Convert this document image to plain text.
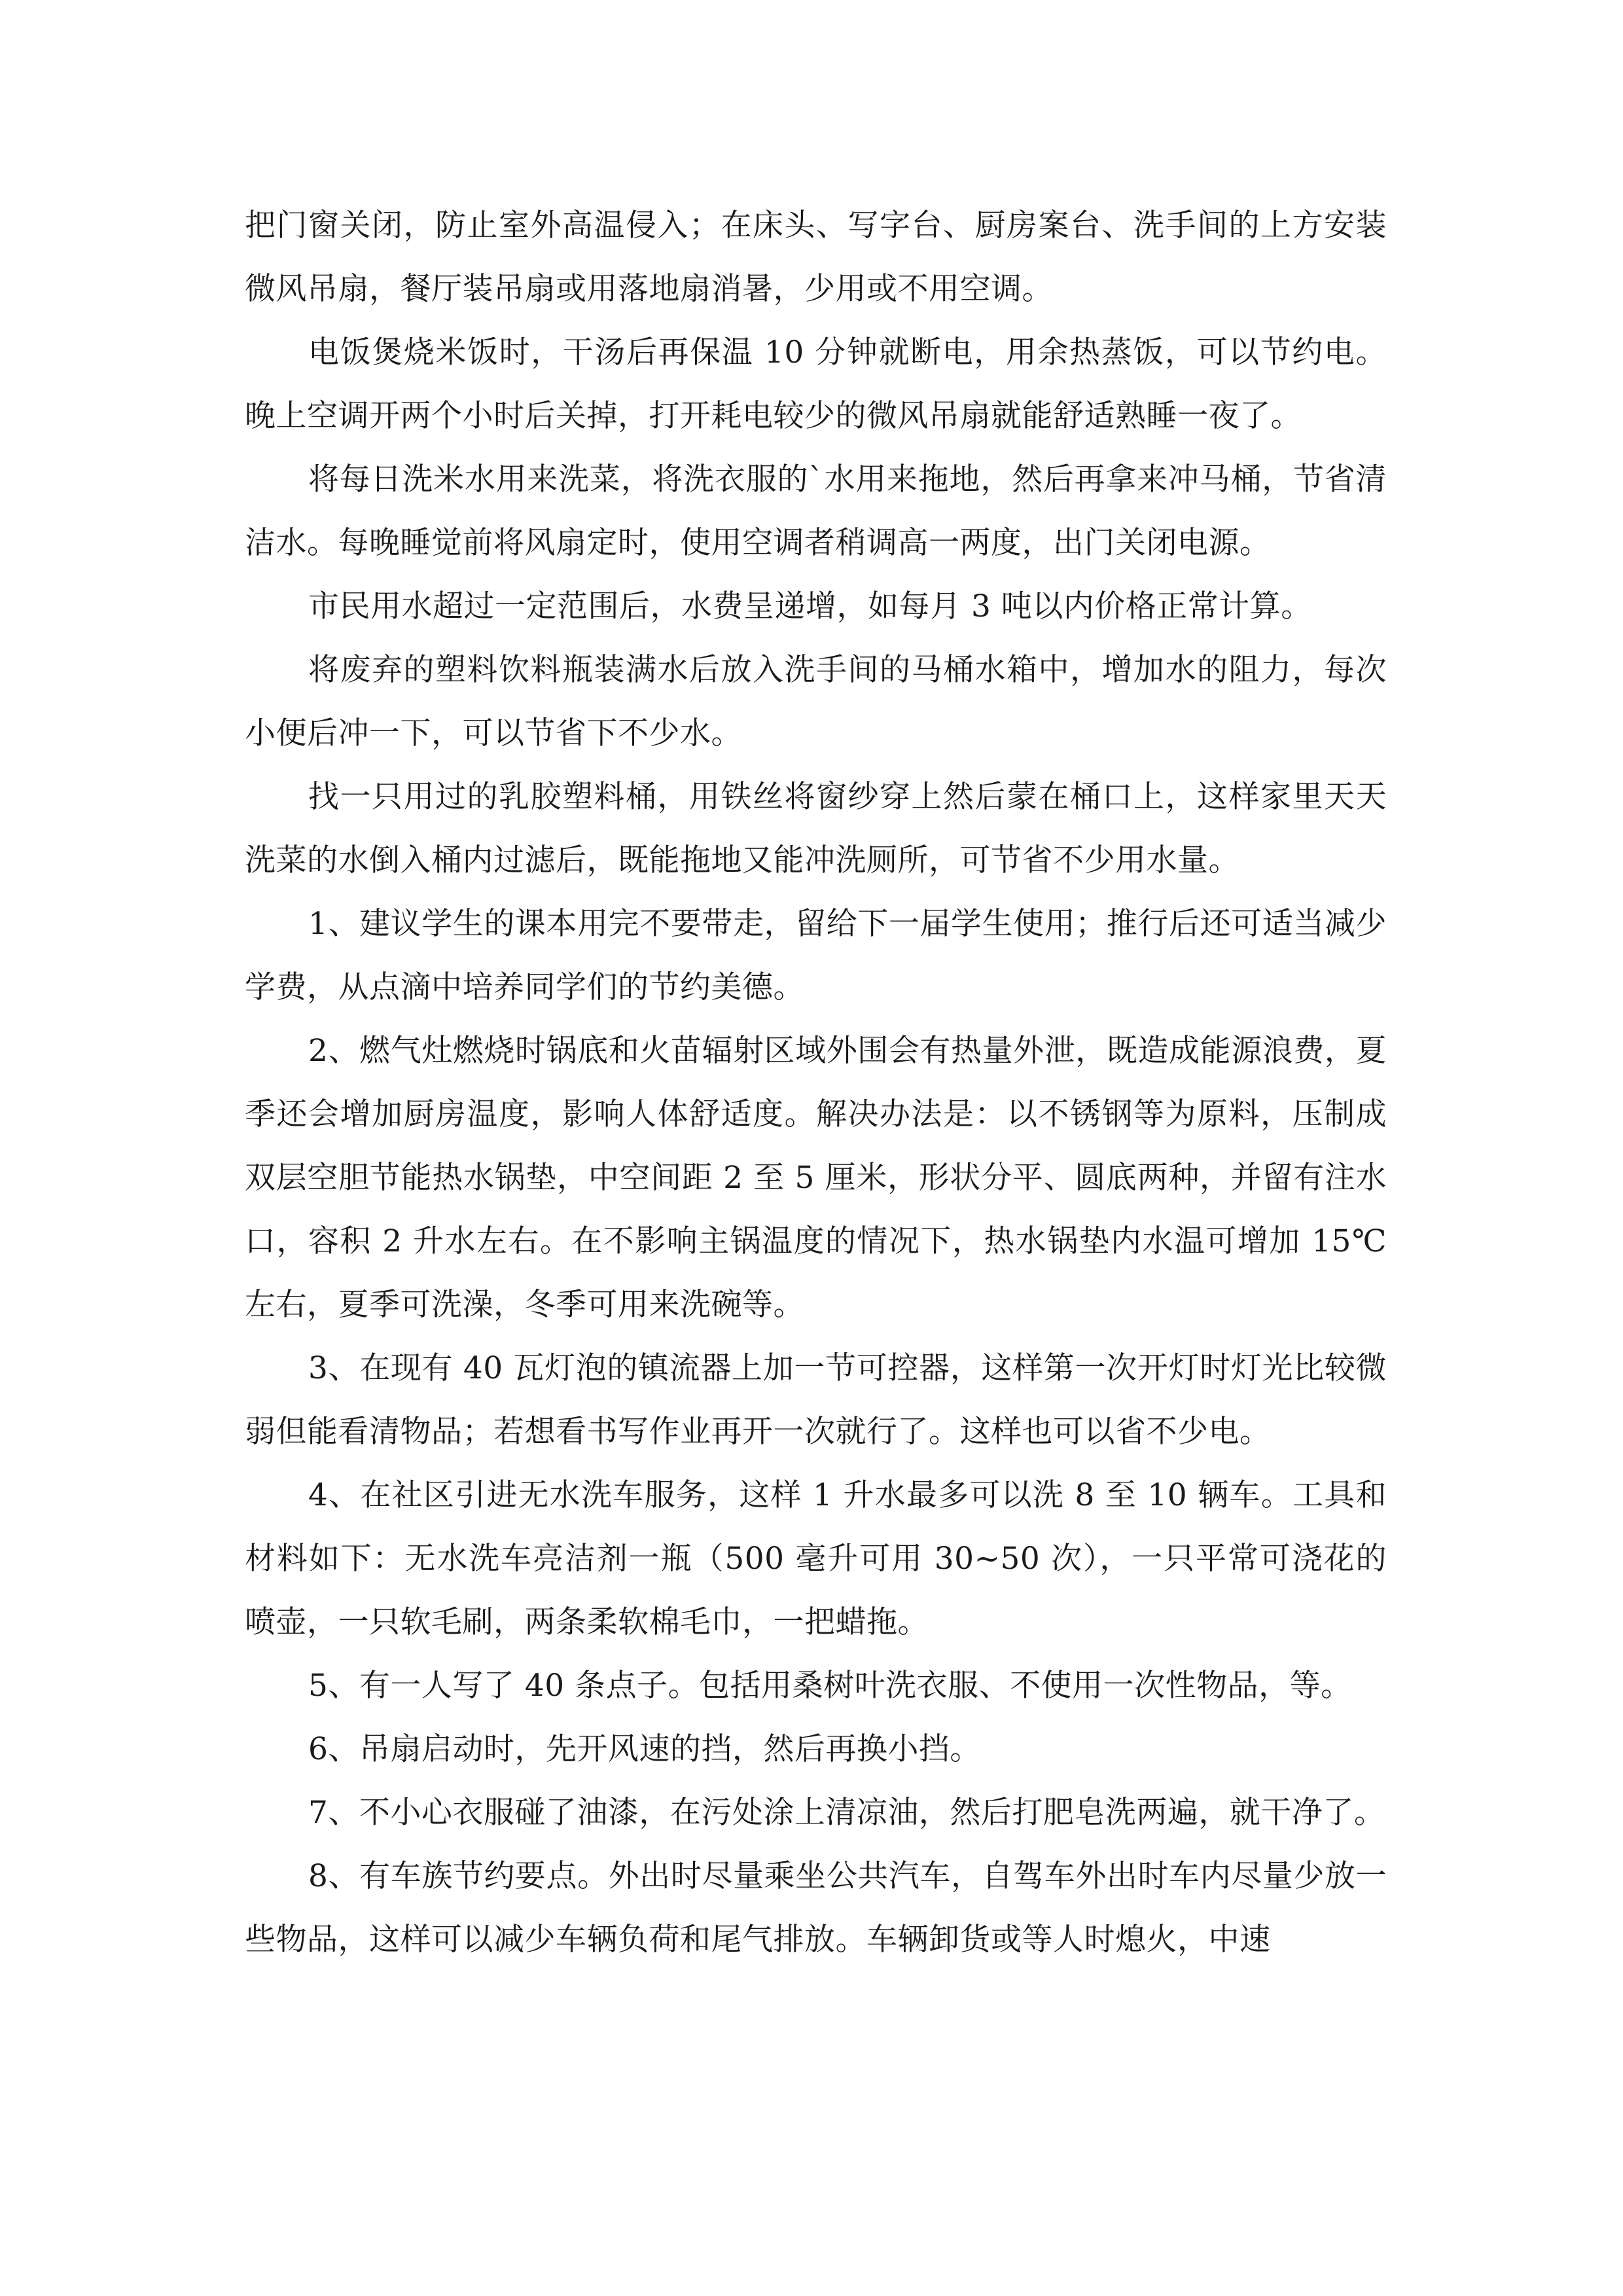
把门窗关闭，防止室外高温侵入；在床头、写字台、厨房案台、洗手间的上方安装微风吊扇，餐厅装吊扇或用落地扇消暑，少用或不用空调。

电饭煲烧米饭时，干汤后再保温 10 分钟就断电，用余热蒸饭，可以节约电。晚上空调开两个小时后关掉，打开耗电较少的微风吊扇就能舒适熟睡一夜了。

将每日洗米水用来洗菜，将洗衣服的`水用来拖地，然后再拿来冲马桶，节省清洁水。每晚睡觉前将风扇定时，使用空调者稍调高一两度，出门关闭电源。

市民用水超过一定范围后，水费呈递增，如每月 3 吨以内价格正常计算。

将废弃的塑料饮料瓶装满水后放入洗手间的马桶水箱中，增加水的阻力，每次小便后冲一下，可以节省下不少水。

找一只用过的乳胶塑料桶，用铁丝将窗纱穿上然后蒙在桶口上，这样家里天天洗菜的水倒入桶内过滤后，既能拖地又能冲洗厕所，可节省不少用水量。

1、建议学生的课本用完不要带走，留给下一届学生使用；推行后还可适当减少学费，从点滴中培养同学们的节约美德。

2、燃气灶燃烧时锅底和火苗辐射区域外围会有热量外泄，既造成能源浪费，夏季还会增加厨房温度，影响人体舒适度。解决办法是：以不锈钢等为原料，压制成双层空胆节能热水锅垫，中空间距 2 至 5 厘米，形状分平、圆底两种，并留有注水口，容积 2 升水左右。在不影响主锅温度的情况下，热水锅垫内水温可增加 15℃左右，夏季可洗澡，冬季可用来洗碗等。

3、在现有 40 瓦灯泡的镇流器上加一节可控器，这样第一次开灯时灯光比较微弱但能看清物品；若想看书写作业再开一次就行了。这样也可以省不少电。

4、在社区引进无水洗车服务，这样 1 升水最多可以洗 8 至 10 辆车。工具和材料如下：无水洗车亮洁剂一瓶（500 毫升可用 30~50 次），一只平常可浇花的喷壶，一只软毛刷，两条柔软棉毛巾，一把蜡拖。

5、有一人写了 40 条点子。包括用桑树叶洗衣服、不使用一次性物品，等。

6、吊扇启动时，先开风速的挡，然后再换小挡。

7、不小心衣服碰了油漆，在污处涂上清凉油，然后打肥皂洗两遍，就干净了。

8、有车族节约要点。外出时尽量乘坐公共汽车，自驾车外出时车内尽量少放一些物品，这样可以减少车辆负荷和尾气排放。车辆卸货或等人时熄火，中速
